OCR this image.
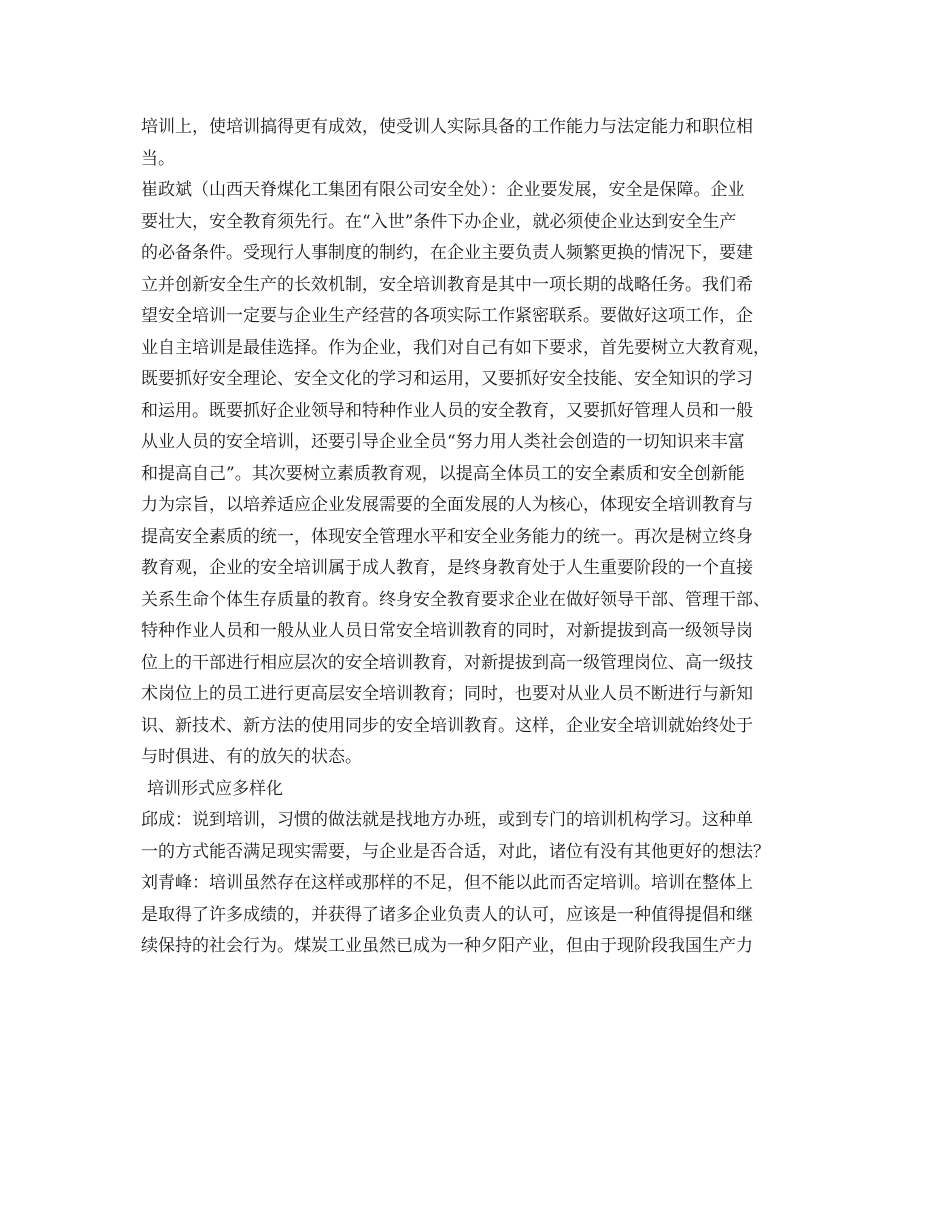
培训上，使培训搞得更有成效，使受训人实际具备的工作能力与法定能力和职位相
当。
崔政斌（山西天脊煤化工集团有限公司安全处）：企业要发展，安全是保障。企业
要壮大，安全教育须先行。在“入世”条件下办企业，就必须使企业达到安全生产
的必备条件。受现行人事制度的制约，在企业主要负责人频繁更换的情况下，要建
立并创新安全生产的长效机制，安全培训教育是其中一项长期的战略任务。我们希
望安全培训一定要与企业生产经营的各项实际工作紧密联系。要做好这项工作，企
业自主培训是最佳选择。作为企业，我们对自己有如下要求，首先要树立大教育观，
既要抓好安全理论、安全文化的学习和运用，又要抓好安全技能、安全知识的学习
和运用。既要抓好企业领导和特种作业人员的安全教育，又要抓好管理人员和一般
从业人员的安全培训，还要引导企业全员“努力用人类社会创造的一切知识来丰富
和提高自己”。其次要树立素质教育观，以提高全体员工的安全素质和安全创新能
力为宗旨，以培养适应企业发展需要的全面发展的人为核心，体现安全培训教育与
提高安全素质的统一，体现安全管理水平和安全业务能力的统一。再次是树立终身
教育观，企业的安全培训属于成人教育，是终身教育处于人生重要阶段的一个直接
关系生命个体生存质量的教育。终身安全教育要求企业在做好领导干部、管理干部、
特种作业人员和一般从业人员日常安全培训教育的同时，对新提拔到高一级领导岗
位上的干部进行相应层次的安全培训教育，对新提拔到高一级管理岗位、高一级技
术岗位上的员工进行更高层安全培训教育；同时，也要对从业人员不断进行与新知
识、新技术、新方法的使用同步的安全培训教育。这样，企业安全培训就始终处于
与时俱进、有的放矢的状态。
培训形式应多样化
邱成：说到培训，习惯的做法就是找地方办班，或到专门的培训机构学习。这种单
一的方式能否满足现实需要，与企业是否合适，对此，诸位有没有其他更好的想法？
刘青峰：培训虽然存在这样或那样的不足，但不能以此而否定培训。培训在整体上
是取得了许多成绩的，并获得了诸多企业负责人的认可，应该是一种值得提倡和继
续保持的社会行为。煤炭工业虽然已成为一种夕阳产业，但由于现阶段我国生产力
